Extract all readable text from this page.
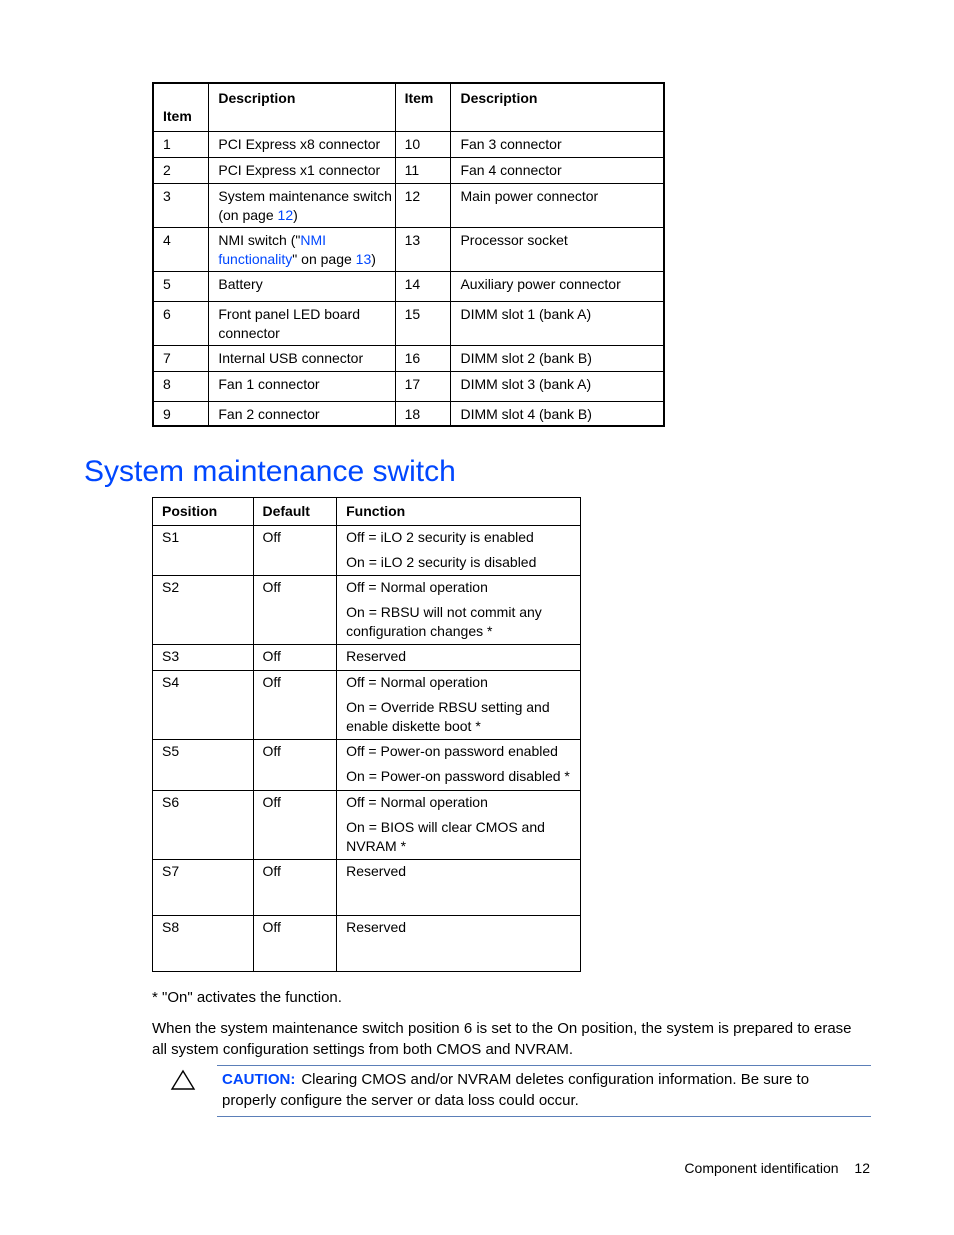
Item	Description	Item	Description
1	PCI Express x8 connector	10	Fan 3 connector
2	PCI Express x1 connector	11	Fan 4 connector
3	System maintenance switch (on page 12)	12	Main power connector
4	NMI switch ("NMI functionality" on page 13)	13	Processor socket
5	Battery	14	Auxiliary power connector
6	Front panel LED board connector	15	DIMM slot 1 (bank A)
7	Internal USB connector	16	DIMM slot 2 (bank B)
8	Fan 1 connector	17	DIMM slot 3 (bank A)
9	Fan 2 connector	18	DIMM slot 4 (bank B)
System maintenance switch
Position	Default	Function
S1	Off	Off = iLO 2 security is enabled

On = iLO 2 security is disabled

S2	Off	Off = Normal operation

On = RBSU will not commit any configuration changes *

S3	Off	Reserved
S4	Off	Off = Normal operation

On = Override RBSU setting and enable diskette boot *

S5	Off	Off = Power-on password enabled

On = Power-on password disabled *

S6	Off	Off = Normal operation

On = BIOS will clear CMOS and NVRAM *

S7	Off	Reserved
S8	Off	Reserved
* "On" activates the function.
When the system maintenance switch position 6 is set to the On position, the system is prepared to erase all system configuration settings from both CMOS and NVRAM.
CAUTION: Clearing CMOS and/or NVRAM deletes configuration information. Be sure to properly configure the server or data loss could occur.
Component identification 12
